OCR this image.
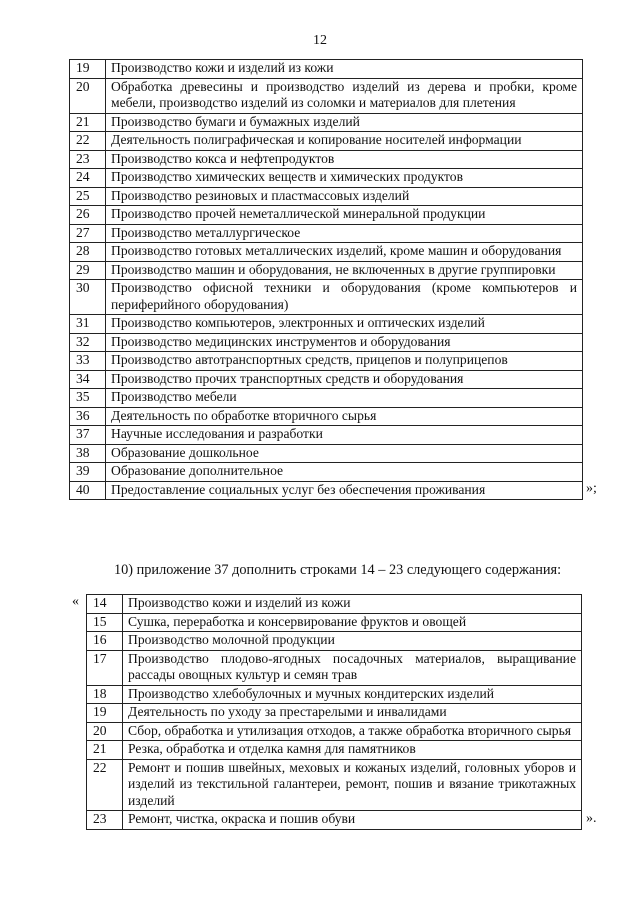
12
19	Производство кожи и изделий из кожи
20	Обработка древесины и производство изделий из дерева и пробки, кроме мебели, производство изделий из соломки и материалов для плетения
21	Производство бумаги и бумажных изделий
22	Деятельность полиграфическая и копирование носителей информации
23	Производство кокса и нефтепродуктов
24	Производство химических веществ и химических продуктов
25	Производство резиновых и пластмассовых изделий
26	Производство прочей неметаллической минеральной продукции
27	Производство металлургическое
28	Производство готовых металлических изделий, кроме машин и оборудования
29	Производство машин и оборудования, не включенных в другие группировки
30	Производство офисной техники и оборудования (кроме компьютеров и периферийного оборудования)
31	Производство компьютеров, электронных и оптических изделий
32	Производство медицинских инструментов и оборудования
33	Производство автотранспортных средств, прицепов и полуприцепов
34	Производство прочих транспортных средств и оборудования
35	Производство мебели
36	Деятельность по обработке вторичного сырья
37	Научные исследования и разработки
38	Образование дошкольное
39	Образование дополнительное
40	Предоставление социальных услуг без обеспечения проживания	»;
10) приложение 37 дополнить строками 14 – 23 следующего содержания:
« 14	Производство кожи и изделий из кожи
15	Сушка, переработка и консервирование фруктов и овощей
16	Производство молочной продукции
17	Производство плодово-ягодных посадочных материалов, выращивание рассады овощных культур и семян трав
18	Производство хлебобулочных и мучных кондитерских изделий
19	Деятельность по уходу за престарелыми и инвалидами
20	Сбор, обработка и утилизация отходов, а также обработка вторичного сырья
21	Резка, обработка и отделка камня для памятников
22	Ремонт и пошив швейных, меховых и кожаных изделий, головных уборов и изделий из текстильной галантереи, ремонт, пошив и вязание трикотажных изделий
23	Ремонт, чистка, окраска и пошив обуви	».
